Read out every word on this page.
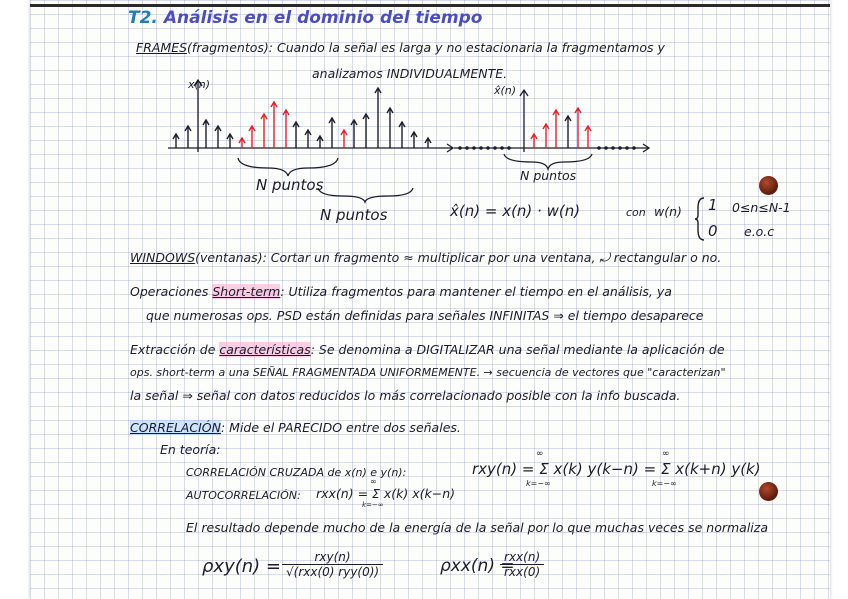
T2. Análisis en el dominio del tiempo
FRAMES(fragmentos): Cuando la señal es larga y no estacionaria la fragmentamos y
analizamos INDIVIDUALMENTE.
x(n)
N puntos
N puntos
x̂(n)
N puntos
x̂(n) = x(n) · w(n)	con w(n) 1 0≤n≤N-1
0 e.o.c
WINDOWS(ventanas): Cortar un fragmento ≈ multiplicar por una ventana, ⤾ rectangular o no.
Operaciones Short-term: Utiliza fragmentos para mantener el tiempo en el análisis, ya
que numerosas ops. PSD están definidas para señales INFINITAS ⇒ el tiempo desaparece
Extracción de características: Se denomina a DIGITALIZAR una señal mediante la aplicación de
ops. short-term a una SEÑAL FRAGMENTADA UNIFORMEMENTE. → secuencia de vectores que "caracterizan"
la señal ⇒ señal con datos reducidos lo más correlacionado posible con la info buscada.
CORRELACIÓN: Mide el PARECIDO entre dos señales.
En teoría:
CORRELACIÓN CRUZADA de x(n) e y(n):	rxy(n) = Σ x(k) y(k−n) = Σ x(k+n) y(k)
∞
k=−∞
∞
k=−∞
AUTOCORRELACIÓN: rxx(n) = Σ x(k) x(k−n)
∞
k=−∞
El resultado depende mucho de la energía de la señal por lo que muchas veces se normaliza
ρxy(n) =	rxy(n)
√(rxx(0) ryy(0))	ρxx(n) =
rxx(n)
rxx(0)
